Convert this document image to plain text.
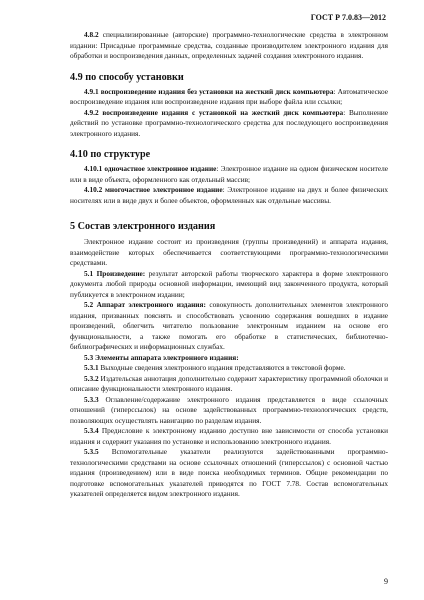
ГОСТ Р 7.0.83—2012

4.8.2 специализированные (авторские) программно-технологические средства в электронном издании: Присадные программные средства, созданные производителем электронного издания для обработки и воспроизведения данных, определенных задачей создания электронного издания.

4.9 по способу установки

4.9.1 воспроизведение издания без установки на жесткий диск компьютера: Автоматическое воспроизведение издания или воспроизведение издания при выборе файла или ссылки;

4.9.2 воспроизведение издания с установкой на жесткий диск компьютера: Выполнение действий по установке программно-технологического средства для последующего воспроизведения электронного издания.

4.10 по структуре

4.10.1 одночастное электронное издание: Электронное издание на одном физическом носителе или в виде объекта, оформленного как отдельный массив;

4.10.2 многочастное электронное издание: Электронное издание на двух и более физических носителях или в виде двух и более объектов, оформленных как отдельные массивы.

5 Состав электронного издания

Электронное издание состоит из произведения (группы произведений) и аппарата издания, взаимодействие которых обеспечивается соответствующими программно-технологическими средствами.

5.1 Произведение: результат авторской работы творческого характера в форме электронного документа любой природы основной информации, имеющий вид законченного продукта, который публикуется в электронном издании;

5.2 Аппарат электронного издания: совокупность дополнительных элементов электронного издания, призванных пояснять и способствовать усвоению содержания вошедших в издание произведений, облегчить читателю пользование электронным изданием на основе его функциональности, а также помогать его обработке в статистических, библиотечно-библиографических и информационных службах.

5.3 Элементы аппарата электронного издания:

5.3.1 Выходные сведения электронного издания представляются в текстовой форме.

5.3.2 Издательская аннотация дополнительно содержит характеристику программной оболочки и описание функциональности электронного издания.

5.3.3 Оглавление/содержание электронного издания представляется в виде ссылочных отношений (гиперссылок) на основе задействованных программно-технологических средств, позволяющих осуществлять навигацию по разделам издания.

5.3.4 Предисловие к электронному изданию доступно вне зависимости от способа установки издания и содержит указания по установке и использованию электронного издания.

5.3.5 Вспомогательные указатели реализуются задействованными программно-технологическими средствами на основе ссылочных отношений (гиперссылок) с основной частью издания (произведением) или в виде поиска необходимых терминов. Общие рекомендации по подготовке вспомогательных указателей приводятся по ГОСТ 7.78. Состав вспомогательных указателей определяется видом электронного издания.

9
